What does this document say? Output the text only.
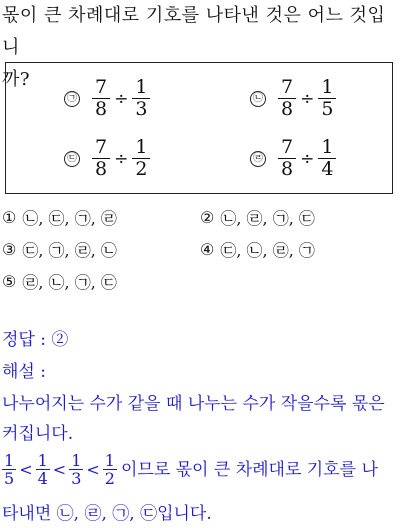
몫이 큰 차례대로 기호를 나타낸 것은 어느 것입니
까?
㉠ $\frac{7}{8} \div \frac{1}{3}$	㉡ $\frac{7}{8} \div \frac{1}{5}$
㉢ $\frac{7}{8} \div \frac{1}{2}$	㉣ $\frac{7}{8} \div \frac{1}{4}$
① ㉡, ㉢, ㉠, ㉣	② ㉡, ㉣, ㉠, ㉢
③ ㉢, ㉠, ㉣, ㉡	④ ㉢, ㉡, ㉣, ㉠
⑤ ㉣, ㉡, ㉠, ㉢
정답 : ②
해설 :
나누어지는 수가 같을 때 나누는 수가 작을수록 몫은
커집니다.
1
5 < 1
4 < 1
3 < 1
2 이므로 몫이 큰 차례대로 기호를 나
타내면 ㉡, ㉣, ㉠, ㉢입니다.
